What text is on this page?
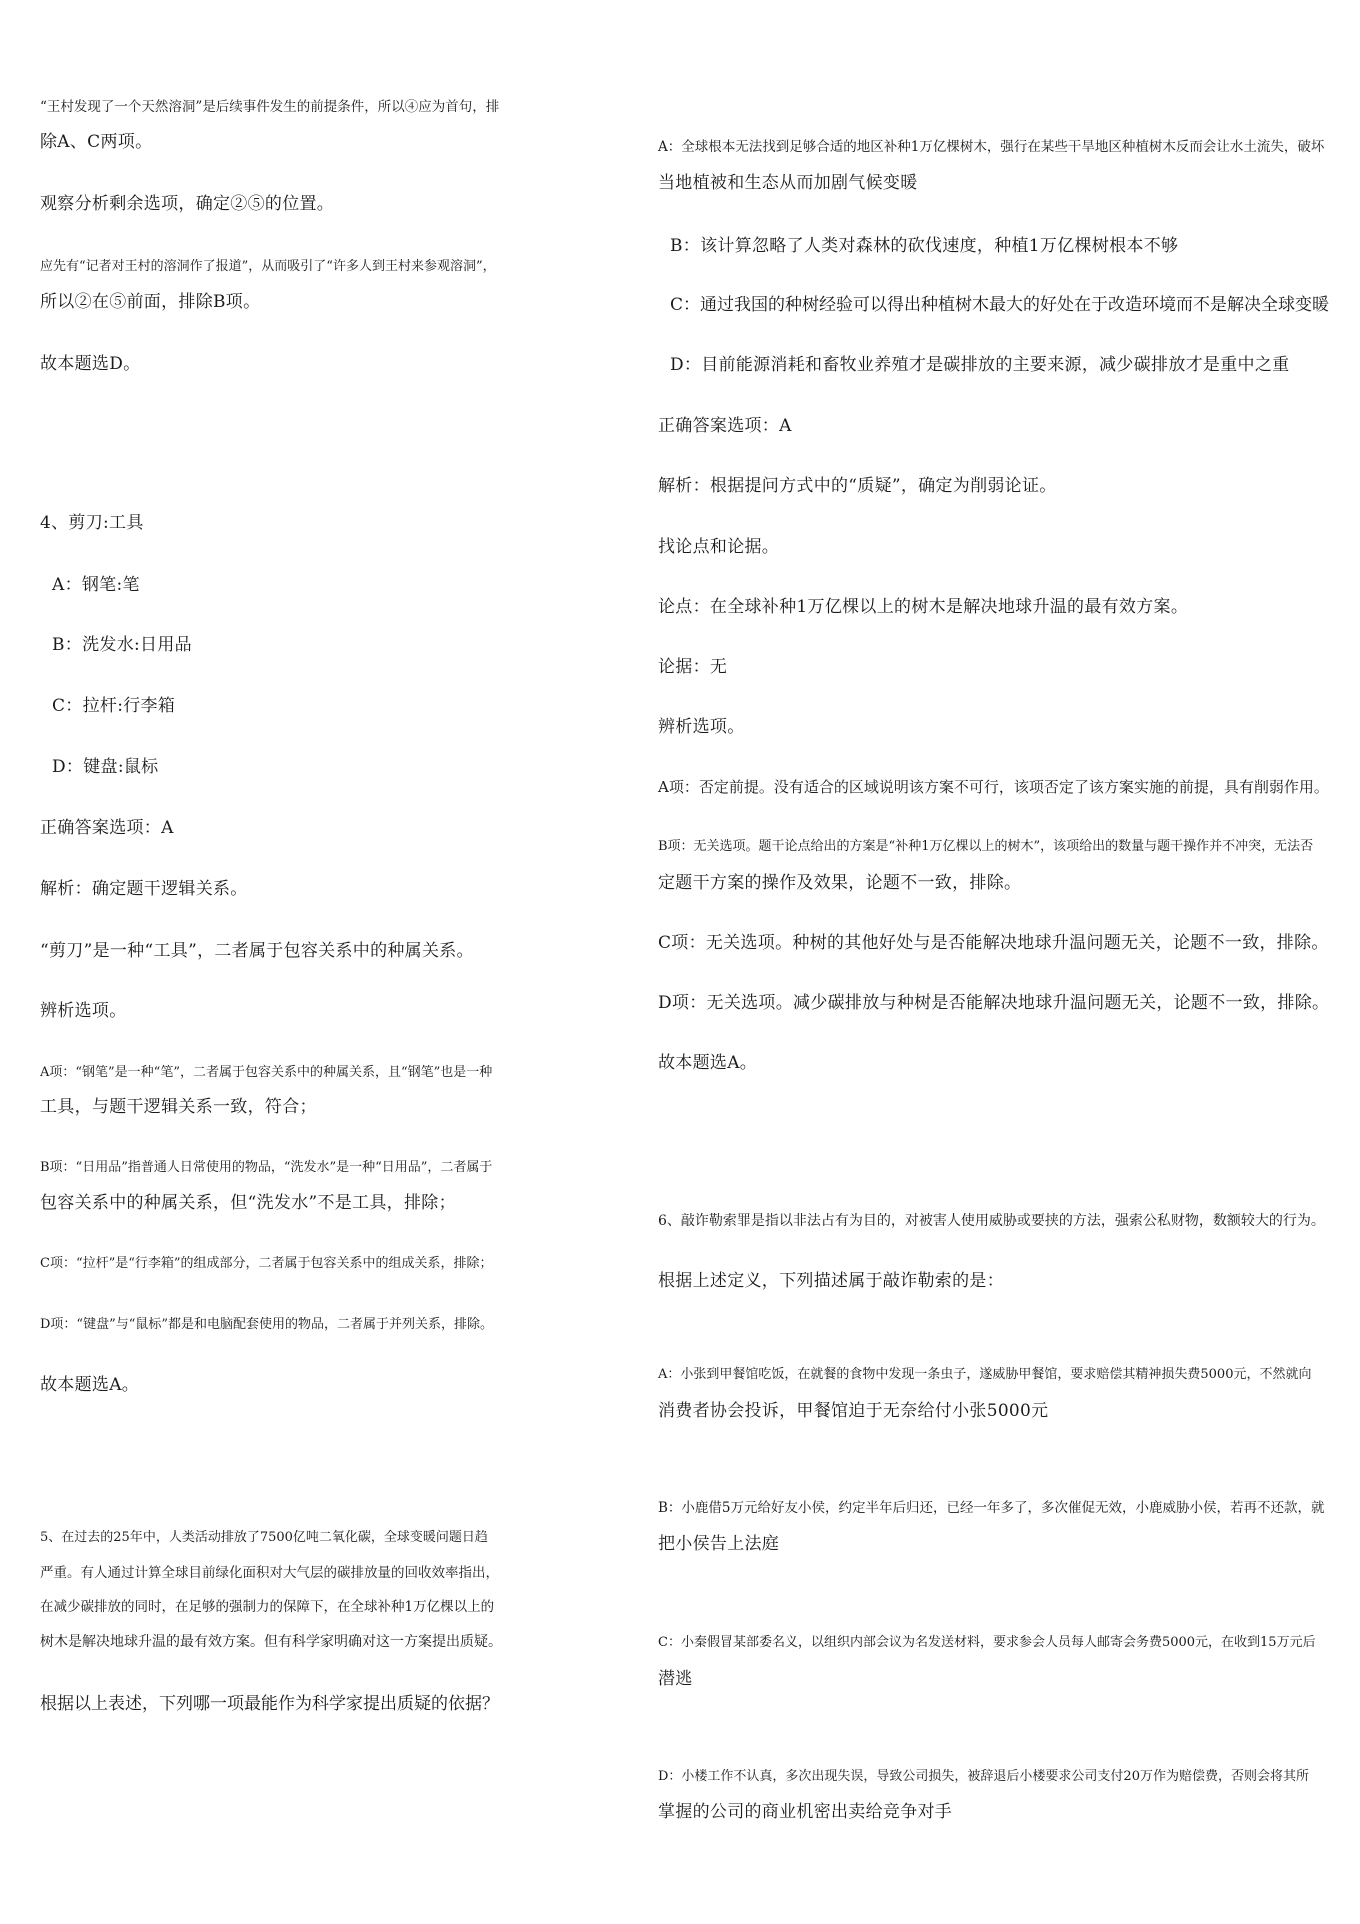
“王村发现了一个天然溶洞”是后续事件发生的前提条件，所以④应为首句，排
除A、C两项。
观察分析剩余选项，确定②⑤的位置。
应先有“记者对王村的溶洞作了报道”，从而吸引了“许多人到王村来参观溶洞”，
所以②在⑤前面，排除B项。
故本题选D。
4、剪刀:工具
A：钢笔:笔
B：洗发水:日用品
C：拉杆:行李箱
D：键盘:鼠标
正确答案选项：A
解析：确定题干逻辑关系。
“剪刀”是一种“工具”，二者属于包容关系中的种属关系。
辨析选项。
A项：“钢笔”是一种“笔”，二者属于包容关系中的种属关系，且“钢笔”也是一种
工具，与题干逻辑关系一致，符合；
B项：“日用品”指普通人日常使用的物品，“洗发水”是一种“日用品”，二者属于
包容关系中的种属关系，但“洗发水”不是工具，排除；
C项：“拉杆”是“行李箱”的组成部分，二者属于包容关系中的组成关系，排除；
D项：“键盘”与“鼠标”都是和电脑配套使用的物品，二者属于并列关系，排除。
故本题选A。
5、在过去的25年中，人类活动排放了7500亿吨二氧化碳，全球变暖问题日趋
严重。有人通过计算全球目前绿化面积对大气层的碳排放量的回收效率指出，
在减少碳排放的同时，在足够的强制力的保障下，在全球补种1万亿棵以上的
树木是解决地球升温的最有效方案。但有科学家明确对这一方案提出质疑。
根据以上表述，下列哪一项最能作为科学家提出质疑的依据？
A：全球根本无法找到足够合适的地区补种1万亿棵树木，强行在某些干旱地区种植树木反而会让水土流失，破坏
当地植被和生态从而加剧气候变暖
B：该计算忽略了人类对森林的砍伐速度，种植1万亿棵树根本不够
C：通过我国的种树经验可以得出种植树木最大的好处在于改造环境而不是解决全球变暖
D：目前能源消耗和畜牧业养殖才是碳排放的主要来源，减少碳排放才是重中之重
正确答案选项：A
解析：根据提问方式中的“质疑”，确定为削弱论证。
找论点和论据。
论点：在全球补种1万亿棵以上的树木是解决地球升温的最有效方案。
论据：无
辨析选项。
A项：否定前提。没有适合的区域说明该方案不可行，该项否定了该方案实施的前提，具有削弱作用。
B项：无关选项。题干论点给出的方案是“补种1万亿棵以上的树木”，该项给出的数量与题干操作并不冲突，无法否
定题干方案的操作及效果，论题不一致，排除。
C项：无关选项。种树的其他好处与是否能解决地球升温问题无关，论题不一致，排除。
D项：无关选项。减少碳排放与种树是否能解决地球升温问题无关，论题不一致，排除。
故本题选A。
6、敲诈勒索罪是指以非法占有为目的，对被害人使用威胁或要挟的方法，强索公私财物，数额较大的行为。
根据上述定义，下列描述属于敲诈勒索的是：
A：小张到甲餐馆吃饭，在就餐的食物中发现一条虫子，遂威胁甲餐馆，要求赔偿其精神损失费5000元，不然就向
消费者协会投诉，甲餐馆迫于无奈给付小张5000元
B：小鹿借5万元给好友小侯，约定半年后归还，已经一年多了，多次催促无效，小鹿威胁小侯，若再不还款，就
把小侯告上法庭
C：小秦假冒某部委名义，以组织内部会议为名发送材料，要求参会人员每人邮寄会务费5000元，在收到15万元后
潜逃
D：小楼工作不认真，多次出现失误，导致公司损失，被辞退后小楼要求公司支付20万作为赔偿费，否则会将其所
掌握的公司的商业机密出卖给竞争对手
